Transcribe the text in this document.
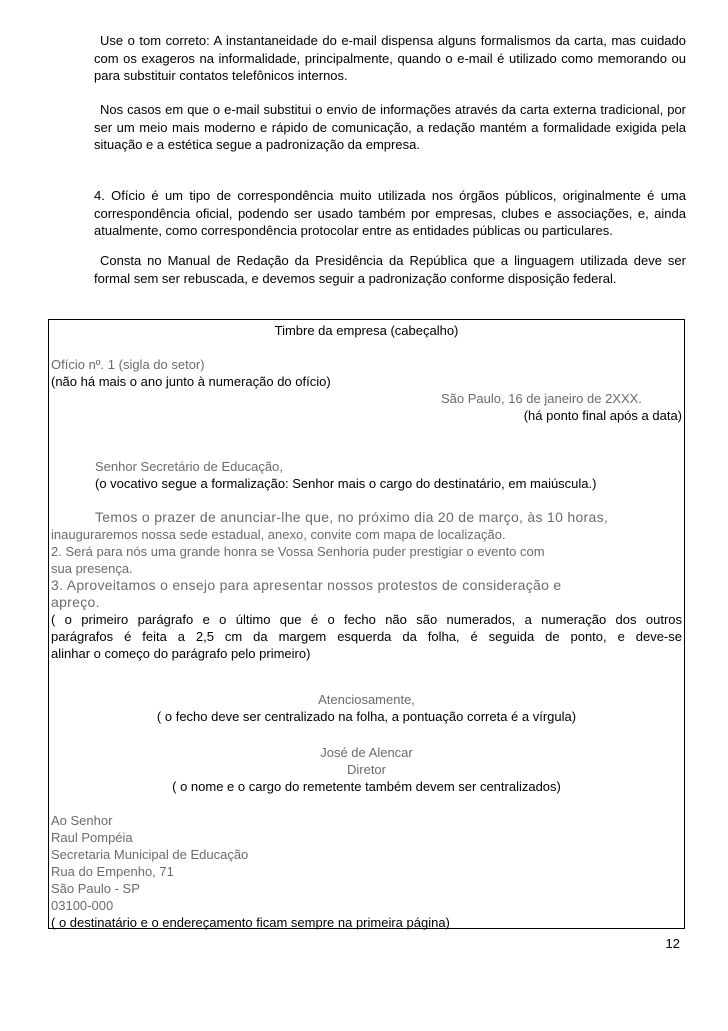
Use o tom correto: A instantaneidade do e-mail dispensa alguns formalismos da carta, mas cuidado com os exageros na informalidade, principalmente, quando o e-mail é utilizado como memorando ou para substituir contatos telefônicos internos.

Nos casos em que o e-mail substitui o envio de informações através da carta externa tradicional, por ser um meio mais moderno e rápido de comunicação, a redação mantém a formalidade exigida pela situação e a estética segue a padronização da empresa.

4. Ofício é um tipo de correspondência muito utilizada nos órgãos públicos, originalmente é uma correspondência oficial, podendo ser usado também por empresas, clubes e associações, e, ainda atualmente, como correspondência protocolar entre as entidades públicas ou particulares.

Consta no Manual de Redação da Presidência da República que a linguagem utilizada deve ser formal sem ser rebuscada, e devemos seguir a padronização conforme disposição federal.

Timbre da empresa (cabeçalho)
Ofício nº. 1 (sigla do setor)
(não há mais o ano junto à numeração do ofício)
São Paulo, 16 de janeiro de 2XXX.
(há ponto final após a data)
Senhor Secretário de Educação,
(o vocativo segue a formalização: Senhor mais o cargo do destinatário, em maiúscula.)
Temos o prazer de anunciar-lhe que, no próximo dia 20 de março, às 10 horas,
inauguraremos nossa sede estadual, anexo, convite com mapa de localização.
2. Será para nós uma grande honra se Vossa Senhoria puder prestigiar o evento com
sua presença.
3. Aproveitamos o ensejo para apresentar nossos protestos de consideração e
apreço.
( o primeiro parágrafo e o último que é o fecho não são numerados, a numeração dos outros
parágrafos é feita a 2,5 cm da margem esquerda da folha, é seguida de ponto, e deve-se
alinhar o começo do parágrafo pelo primeiro)
Atenciosamente,
( o fecho deve ser centralizado na folha, a pontuação correta é a vírgula)
José de Alencar
Diretor
( o nome e o cargo do remetente também devem ser centralizados)
Ao Senhor
Raul Pompéia
Secretaria Municipal de Educação
Rua do Empenho, 71
São Paulo - SP
03100-000
( o destinatário e o endereçamento ficam sempre na primeira página)
12
